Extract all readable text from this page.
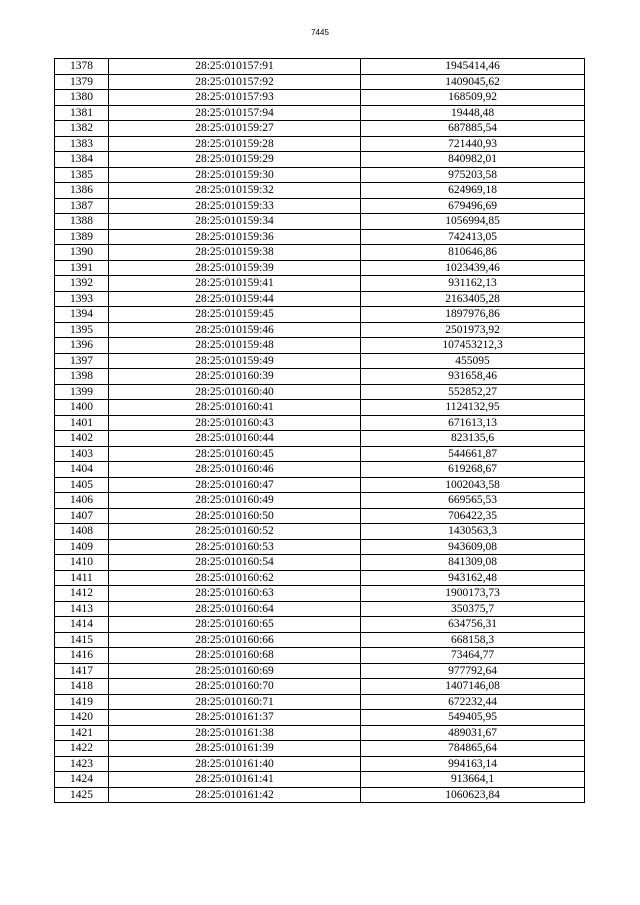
7445
1378	28:25:010157:91	1945414,46
1379	28:25:010157:92	1409045,62
1380	28:25:010157:93	168509,92
1381	28:25:010157:94	19448,48
1382	28:25:010159:27	687885,54
1383	28:25:010159:28	721440,93
1384	28:25:010159:29	840982,01
1385	28:25:010159:30	975203,58
1386	28:25:010159:32	624969,18
1387	28:25:010159:33	679496,69
1388	28:25:010159:34	1056994,85
1389	28:25:010159:36	742413,05
1390	28:25:010159:38	810646,86
1391	28:25:010159:39	1023439,46
1392	28:25:010159:41	931162,13
1393	28:25:010159:44	2163405,28
1394	28:25:010159:45	1897976,86
1395	28:25:010159:46	2501973,92
1396	28:25:010159:48	107453212,3
1397	28:25:010159:49	455095
1398	28:25:010160:39	931658,46
1399	28:25:010160:40	552852,27
1400	28:25:010160:41	1124132,95
1401	28:25:010160:43	671613,13
1402	28:25:010160:44	823135,6
1403	28:25:010160:45	544661,87
1404	28:25:010160:46	619268,67
1405	28:25:010160:47	1002043,58
1406	28:25:010160:49	669565,53
1407	28:25:010160:50	706422,35
1408	28:25:010160:52	1430563,3
1409	28:25:010160:53	943609,08
1410	28:25:010160:54	841309,08
1411	28:25:010160:62	943162,48
1412	28:25:010160:63	1900173,73
1413	28:25:010160:64	350375,7
1414	28:25:010160:65	634756,31
1415	28:25:010160:66	668158,3
1416	28:25:010160:68	73464,77
1417	28:25:010160:69	977792,64
1418	28:25:010160:70	1407146,08
1419	28:25:010160:71	672232,44
1420	28:25:010161:37	549405,95
1421	28:25:010161:38	489031,67
1422	28:25:010161:39	784865,64
1423	28:25:010161:40	994163,14
1424	28:25:010161:41	913664,1
1425	28:25:010161:42	1060623,84
